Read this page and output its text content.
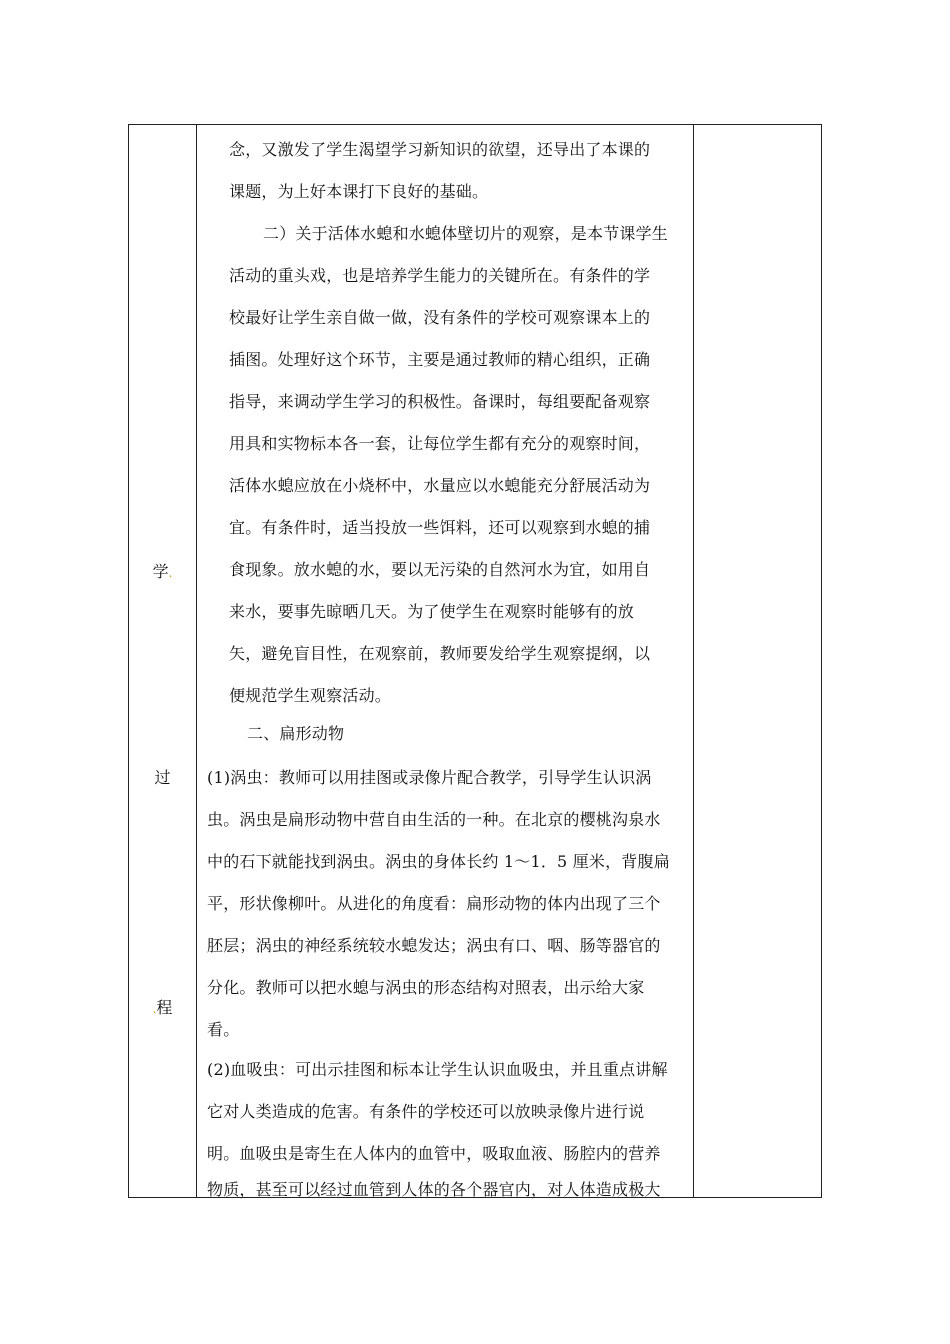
学.
过
.程
念，又激发了学生渴望学习新知识的欲望，还导出了本课的
课题，为上好本课打下良好的基础。
二）关于活体水螅和水螅体壁切片的观察，是本节课学生
活动的重头戏，也是培养学生能力的关键所在。有条件的学
校最好让学生亲自做一做，没有条件的学校可观察课本上的
插图。处理好这个环节，主要是通过教师的精心组织，正确
指导，来调动学生学习的积极性。备课时，每组要配备观察
用具和实物标本各一套，让每位学生都有充分的观察时间，
活体水螅应放在小烧杯中，水量应以水螅能充分舒展活动为
宜。有条件时，适当投放一些饵料，还可以观察到水螅的捕
食现象。放水螅的水，要以无污染的自然河水为宜，如用自
来水，要事先晾晒几天。为了使学生在观察时能够有的放
矢，避免盲目性，在观察前，教师要发给学生观察提纲，以
便规范学生观察活动。
二、扁形动物
(1)涡虫：教师可以用挂图或录像片配合教学，引导学生认识涡
虫。涡虫是扁形动物中营自由生活的一种。在北京的樱桃沟泉水
中的石下就能找到涡虫。涡虫的身体长约 1～1．5 厘米，背腹扁
平，形状像柳叶。从进化的角度看：扁形动物的体内出现了三个
胚层；涡虫的神经系统较水螅发达；涡虫有口、咽、肠等器官的
分化。教师可以把水螅与涡虫的形态结构对照表，出示给大家
看。
(2)血吸虫：可出示挂图和标本让学生认识血吸虫，并且重点讲解
它对人类造成的危害。有条件的学校还可以放映录像片进行说
明。血吸虫是寄生在人体内的血管中，吸取血液、肠腔内的营养
物质，甚至可以经过血管到人体的各个器官内，对人体造成极大
